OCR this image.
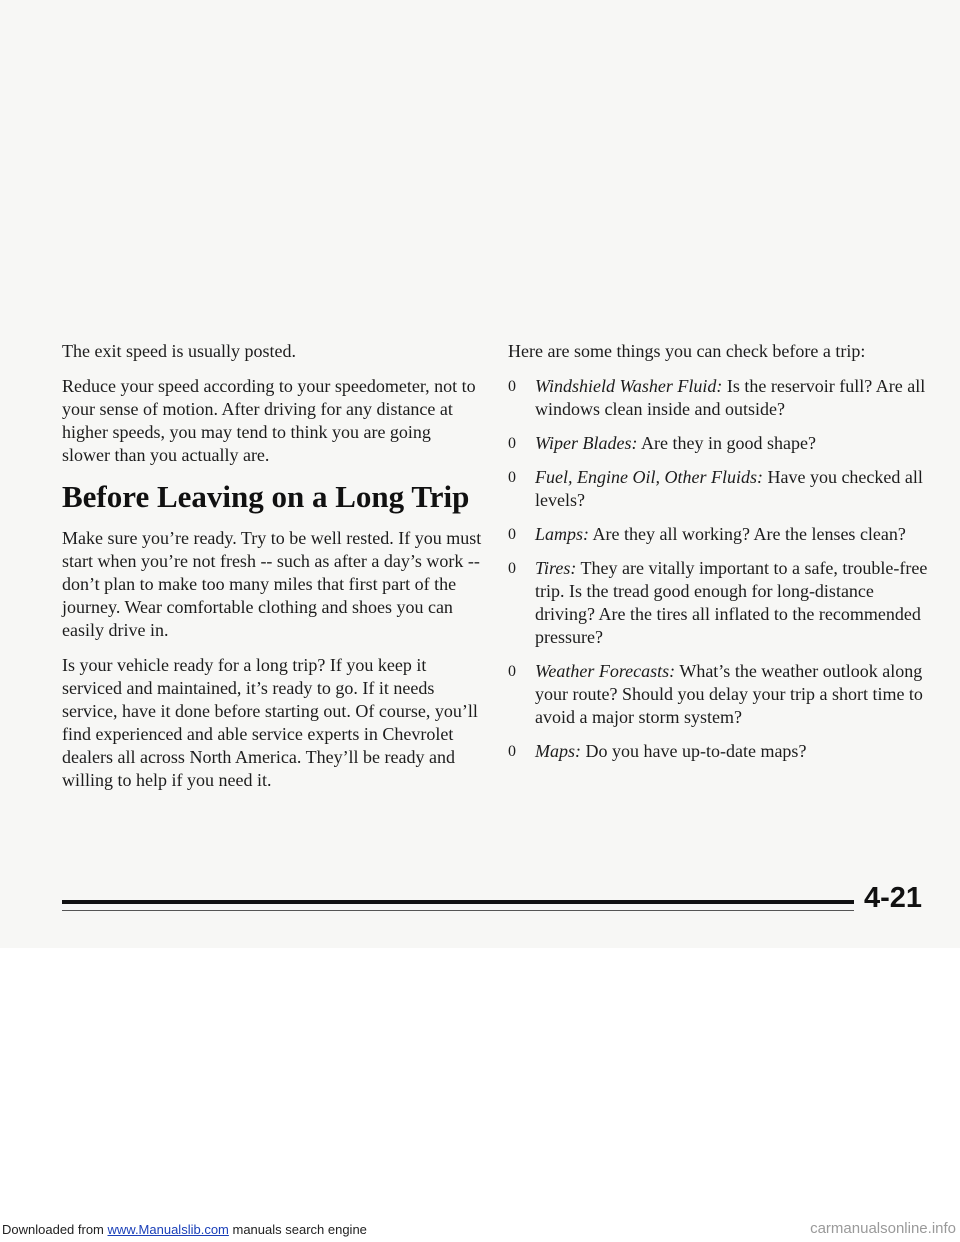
The exit speed is usually posted.

Reduce your speed according to your speedometer, not to your sense of motion. After driving for any distance at higher speeds, you may tend to think you are going slower than you actually are.

Before Leaving on a Long Trip

Make sure you’re ready. Try to be well rested. If you must start when you’re not fresh -- such as after a day’s work -- don’t plan to make too many miles that first part of the journey. Wear comfortable clothing and shoes you can easily drive in.

Is your vehicle ready for a long trip? If you keep it serviced and maintained, it’s ready to go. If it needs service, have it done before starting out. Of course, you’ll find experienced and able service experts in Chevrolet dealers all across North America. They’ll be ready and willing to help if you need it.

Here are some things you can check before a trip:

0 Windshield Washer Fluid: Is the reservoir full? Are all windows clean inside and outside?
0 Wiper Blades: Are they in good shape?
0 Fuel, Engine Oil, Other Fluids: Have you checked all levels?
0 Lamps: Are they all working? Are the lenses clean?
0 Tires: They are vitally important to a safe, trouble-free trip. Is the tread good enough for long-distance driving? Are the tires all inflated to the recommended pressure?
0 Weather Forecasts: What’s the weather outlook along your route? Should you delay your trip a short time to avoid a major storm system?
0 Maps: Do you have up-to-date maps?
4-21
Downloaded from www.Manualslib.com manuals search engine	carmanualsonline.info
